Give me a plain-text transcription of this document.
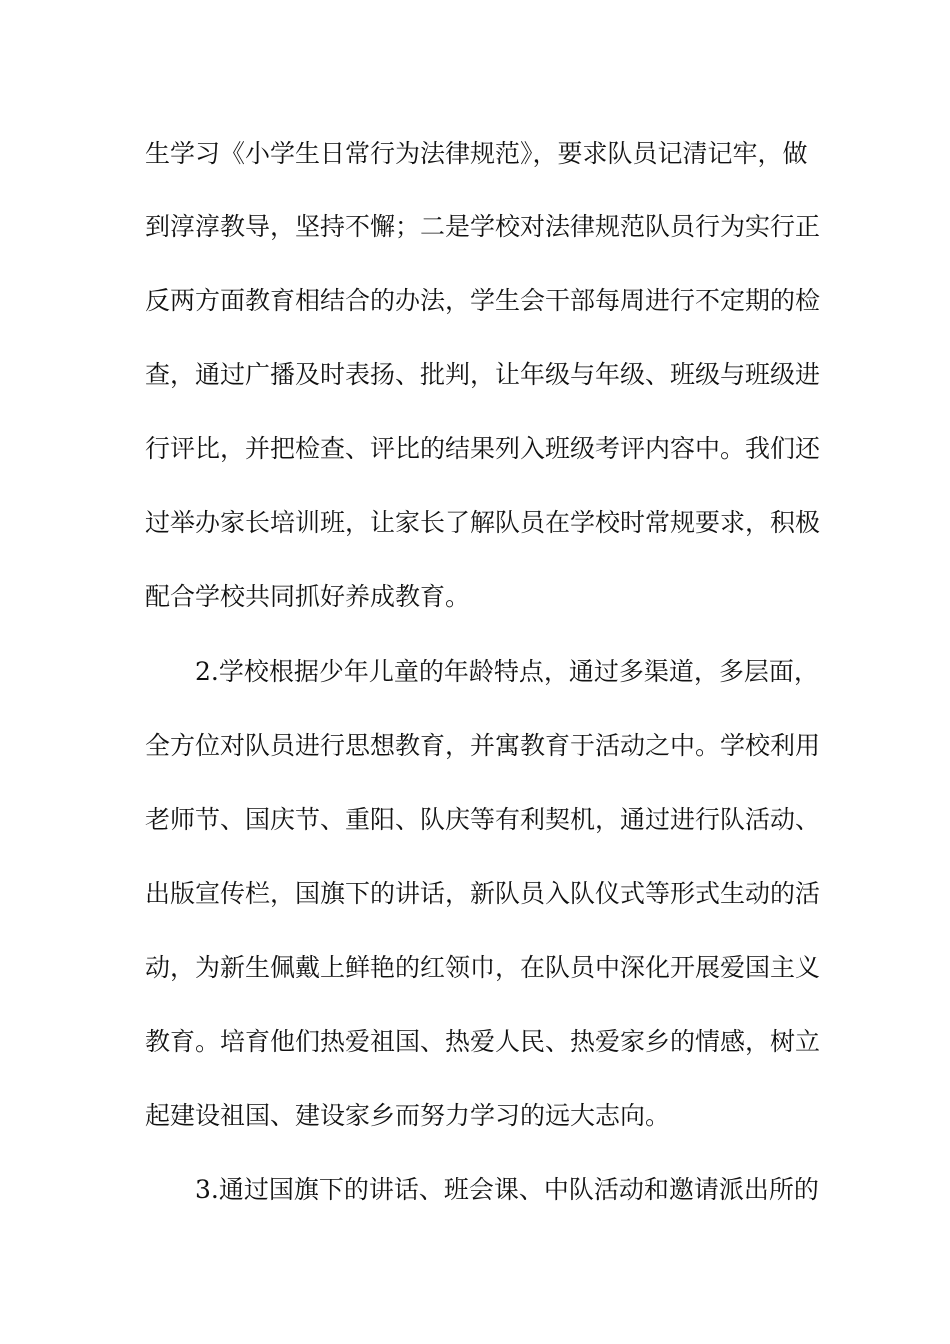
生学习《小学生日常行为法律规范》，要求队员记清记牢，做
到淳淳教导，坚持不懈；二是学校对法律规范队员行为实行正
反两方面教育相结合的办法，学生会干部每周进行不定期的检
查，通过广播及时表扬、批判，让年级与年级、班级与班级进
行评比，并把检查、评比的结果列入班级考评内容中。我们还
过举办家长培训班，让家长了解队员在学校时常规要求，积极
配合学校共同抓好养成教育。
2.学校根据少年儿童的年龄特点，通过多渠道，多层面，
全方位对队员进行思想教育，并寓教育于活动之中。学校利用
老师节、国庆节、重阳、队庆等有利契机，通过进行队活动、
出版宣传栏，国旗下的讲话，新队员入队仪式等形式生动的活
动，为新生佩戴上鲜艳的红领巾，在队员中深化开展爱国主义
教育。培育他们热爱祖国、热爱人民、热爱家乡的情感，树立
起建设祖国、建设家乡而努力学习的远大志向。
3.通过国旗下的讲话、班会课、中队活动和邀请派出所的
